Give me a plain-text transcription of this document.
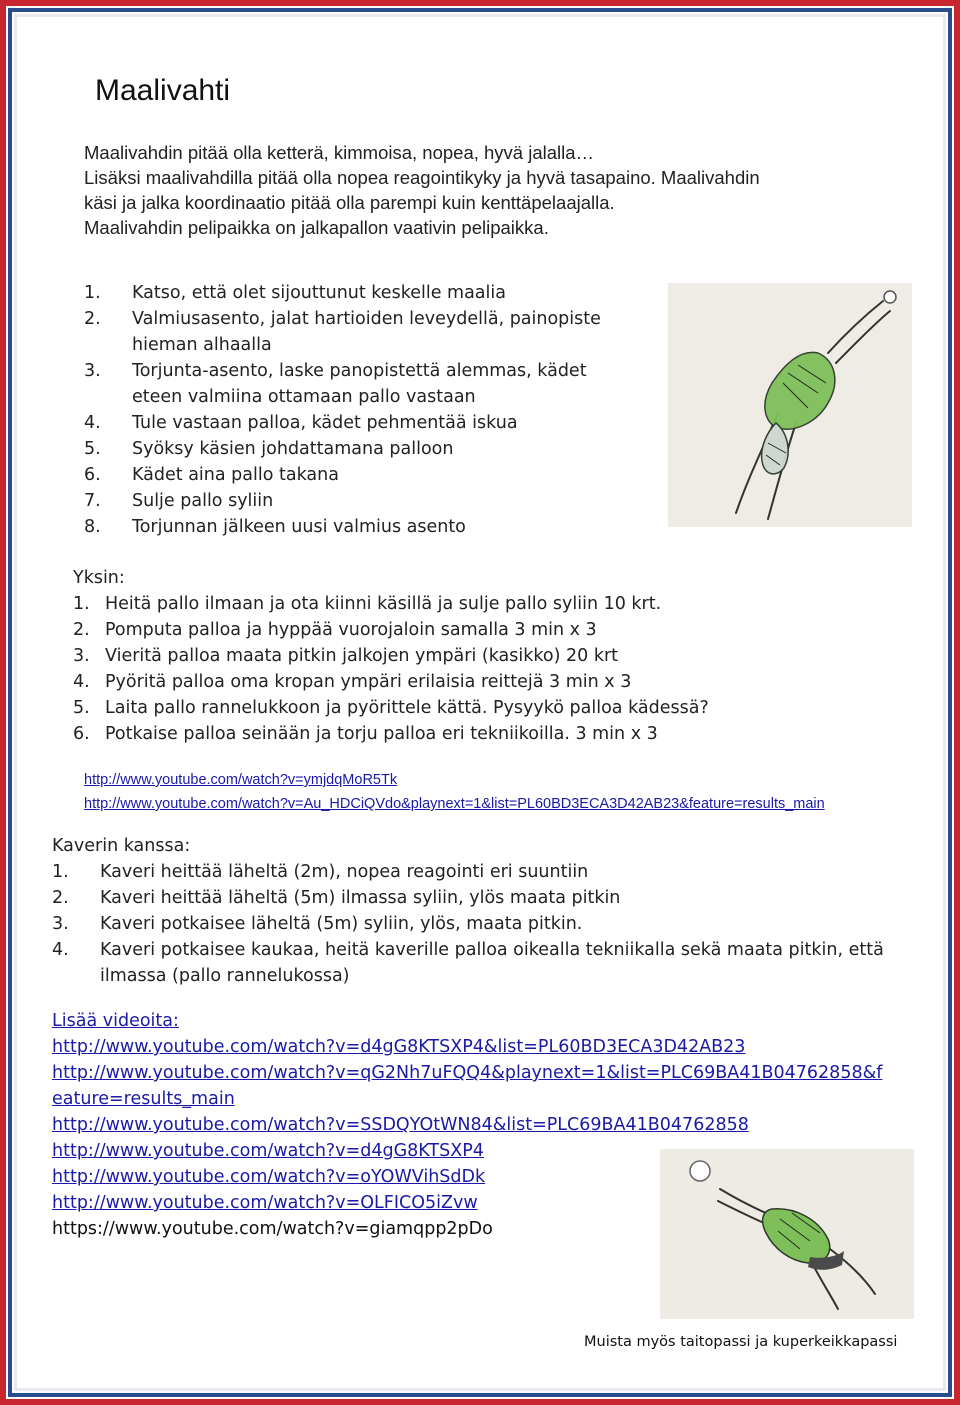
Maalivahti
Maalivahdin pitää olla ketterä, kimmoisa, nopea, hyvä jalalla…
Lisäksi maalivahdilla pitää olla nopea reagointikyky ja hyvä tasapaino. Maalivahdin
käsi ja jalka koordinaatio pitää olla parempi kuin kenttäpelaajalla.
Maalivahdin pelipaikka on jalkapallon vaativin pelipaikka.
1.	Katso, että olet sijouttunut keskelle maalia
2.	Valmiusasento, jalat hartioiden leveydellä, painopiste
hieman alhaalla
3.	Torjunta-asento, laske panopistettä alemmas, kädet
eteen valmiina ottamaan pallo vastaan
4.	Tule vastaan palloa, kädet pehmentää iskua
5.	Syöksy käsien johdattamana palloon
6.	Kädet aina pallo takana
7.	Sulje pallo syliin
8.	Torjunnan jälkeen uusi valmius asento
Yksin:
1. Heitä pallo ilmaan ja ota kiinni käsillä ja sulje pallo syliin 10 krt.
2. Pomputa palloa ja hyppää vuorojaloin samalla 3 min x 3
3. Vieritä palloa maata pitkin jalkojen ympäri (kasikko) 20 krt
4. Pyöritä palloa oma kropan ympäri erilaisia reittejä 3 min x 3
5. Laita pallo rannelukkoon ja pyörittele kättä. Pysyykö palloa kädessä?
6. Potkaise palloa seinään ja torju palloa eri tekniikoilla. 3 min x 3
http://www.youtube.com/watch?v=ymjdqMoR5Tk
http://www.youtube.com/watch?v=Au_HDCiQVdo&playnext=1&list=PL60BD3ECA3D42AB23&feature=results_main
Kaverin kanssa:
1.	Kaveri heittää läheltä (2m), nopea reagointi eri suuntiin
2.	Kaveri heittää läheltä (5m) ilmassa syliin, ylös maata pitkin
3.	Kaveri potkaisee läheltä (5m) syliin, ylös, maata pitkin.
4.	Kaveri potkaisee kaukaa, heitä kaverille palloa oikealla tekniikalla sekä maata pitkin, että
ilmassa (pallo rannelukossa)
Lisää videoita:
http://www.youtube.com/watch?v=d4gG8KTSXP4&list=PL60BD3ECA3D42AB23
http://www.youtube.com/watch?v=qG2Nh7uFQQ4&playnext=1&list=PLC69BA41B04762858&f
eature=results_main
http://www.youtube.com/watch?v=SSDQYOtWN84&list=PLC69BA41B04762858
http://www.youtube.com/watch?v=d4gG8KTSXP4
http://www.youtube.com/watch?v=oYOWVihSdDk
http://www.youtube.com/watch?v=OLFICO5iZvw
https://www.youtube.com/watch?v=giamqpp2pDo
Muista myös taitopassi ja kuperkeikkapassi
